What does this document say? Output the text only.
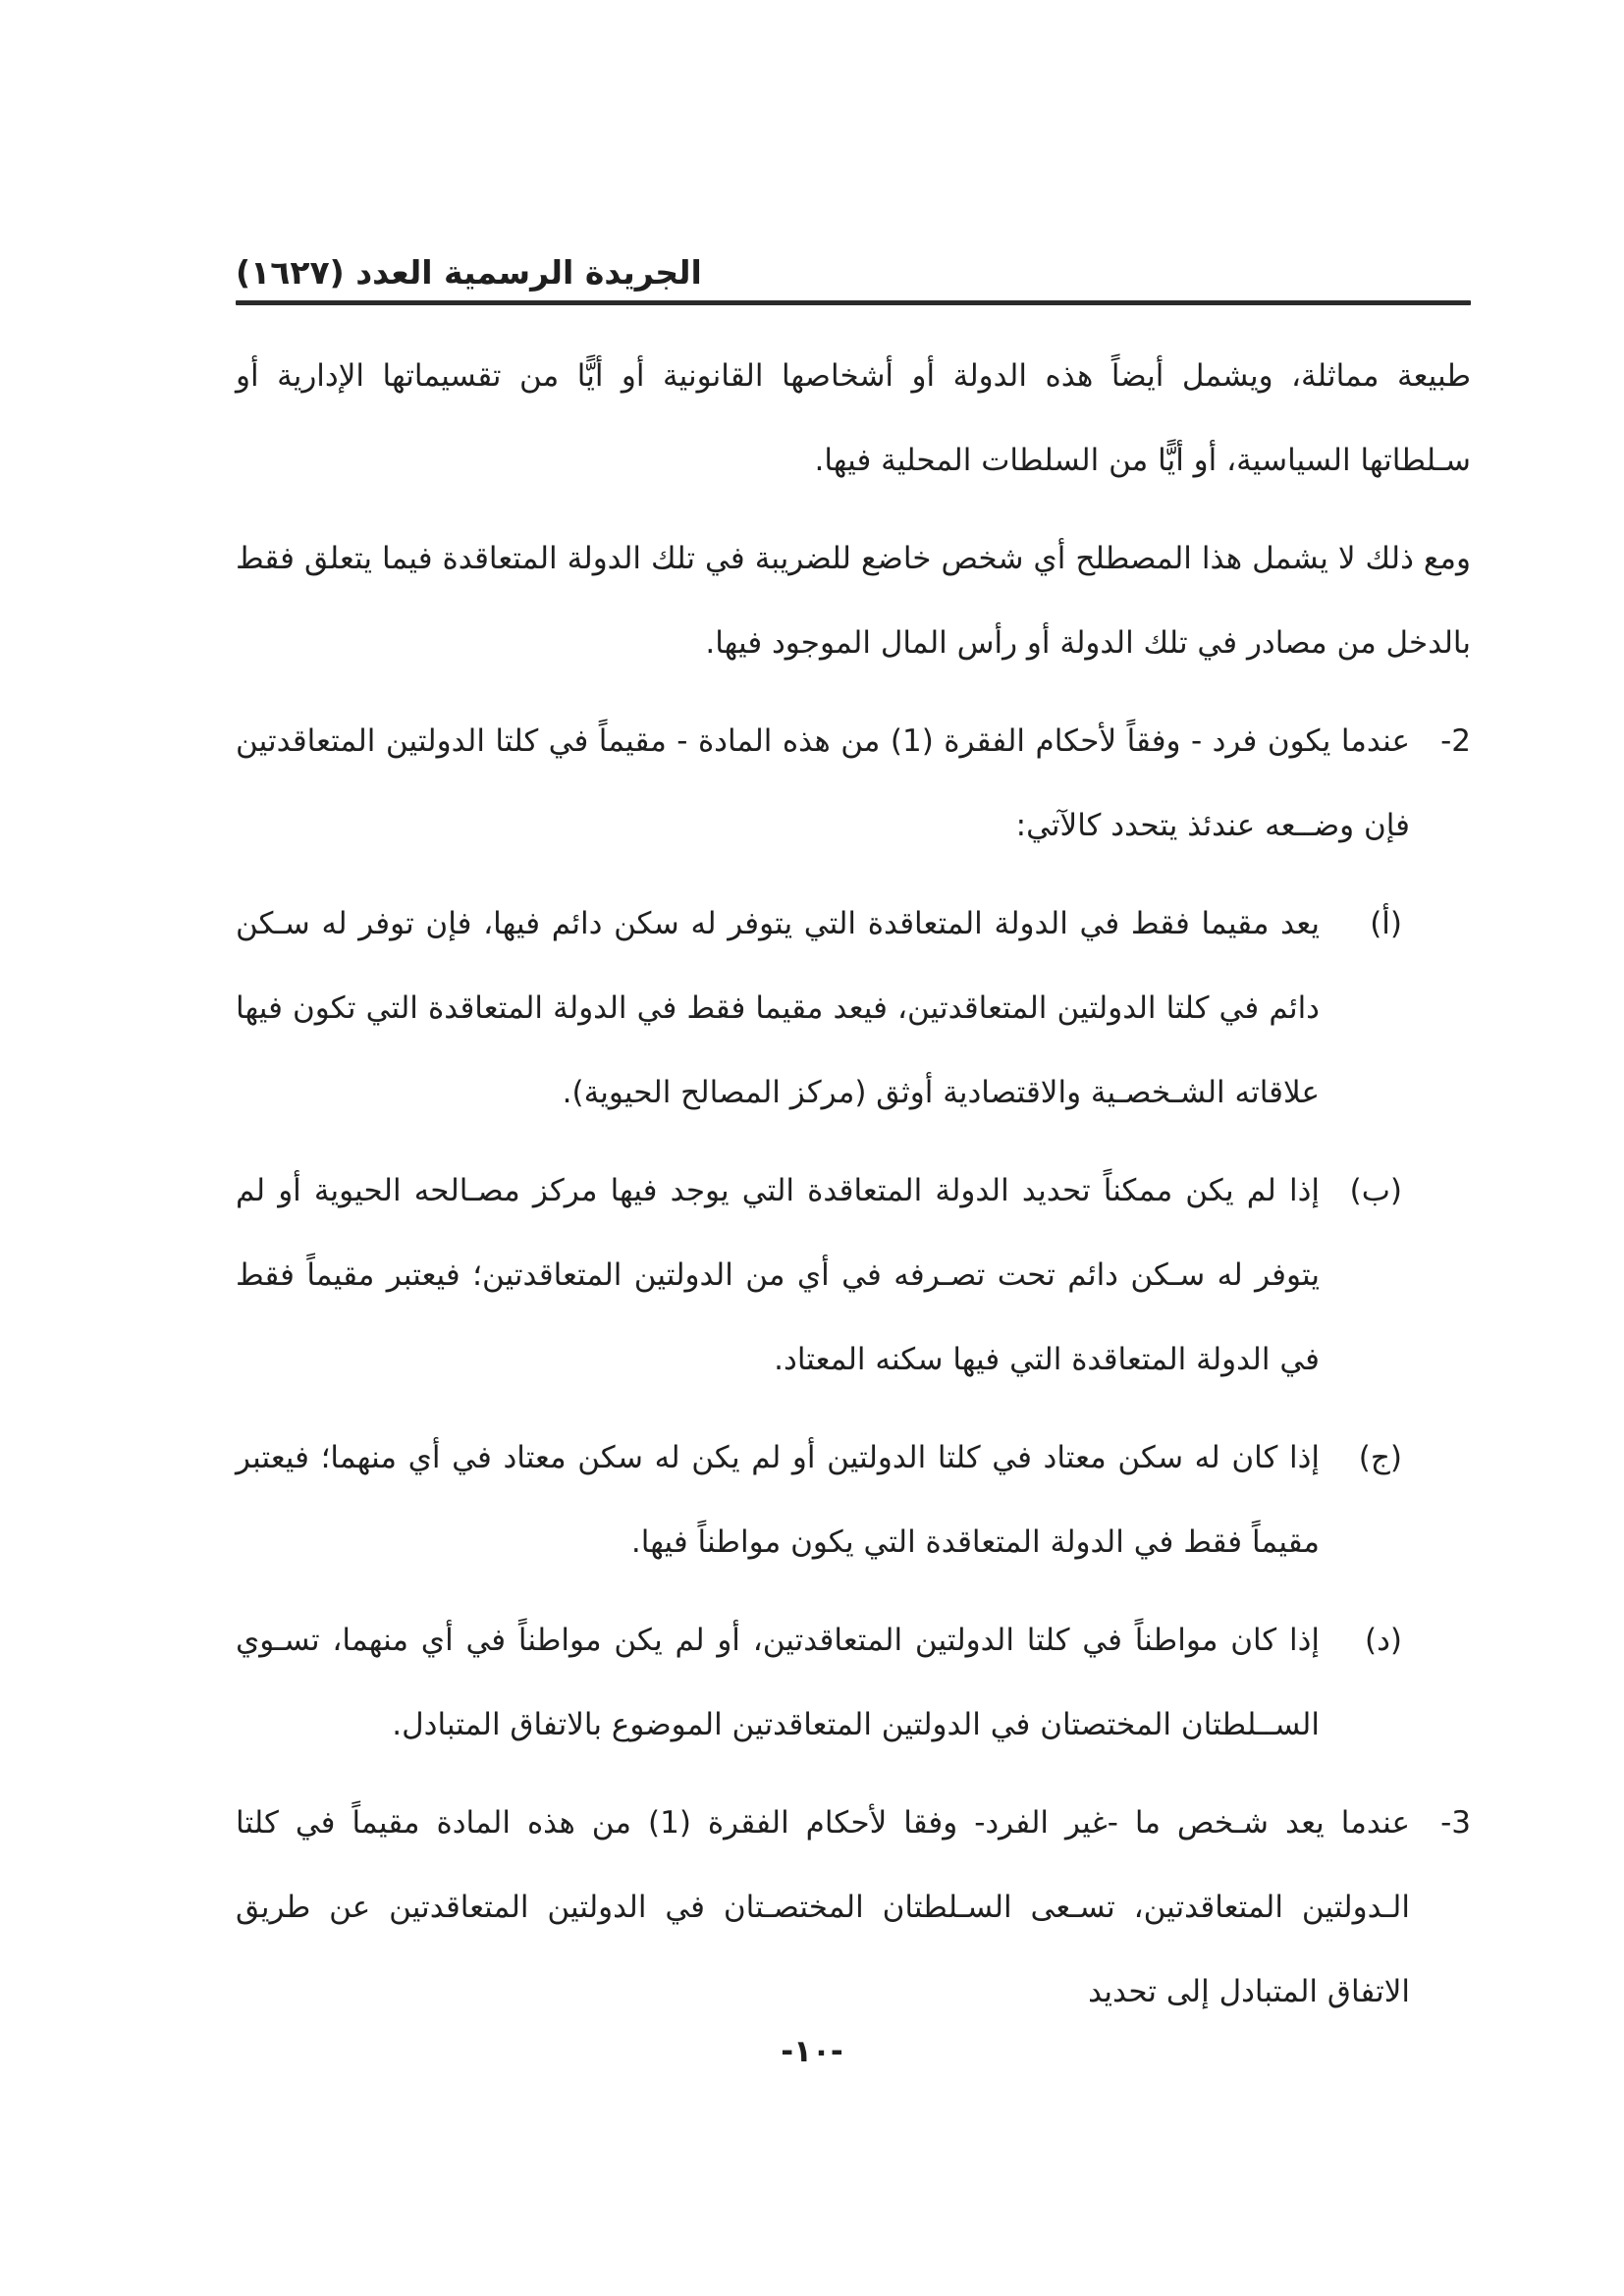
الجريدة الرسمية العدد (١٦٢٧)

طبيعة مماثلة، ويشمل أيضاً هذه الدولة أو أشخاصها القانونية أو أيًّا من تقسيماتها الإدارية أو سـلطاتها السياسية، أو أيًّا من السلطات المحلية فيها.

ومع ذلك لا يشمل هذا المصطلح أي شخص خاضع للضريبة في تلك الدولة المتعاقدة فيما يتعلق فقط بالدخل من مصادر في تلك الدولة أو رأس المال الموجود فيها.

2-
عندما يكون فرد - وفقاً لأحكام الفقرة (1) من هذه المادة - مقيماً في كلتا الدولتين المتعاقدتين فإن وضــعه عندئذ يتحدد كالآتي:
(أ)
يعد مقيما فقط في الدولة المتعاقدة التي يتوفر له سكن دائم فيها، فإن توفر له سـكن دائم في كلتا الدولتين المتعاقدتين، فيعد مقيما فقط في الدولة المتعاقدة التي تكون فيها علاقاته الشـخصـية والاقتصادية أوثق (مركز المصالح الحيوية).
(ب)
إذا لم يكن ممكناً تحديد الدولة المتعاقدة التي يوجد فيها مركز مصـالحه الحيوية أو لم يتوفر له سـكن دائم تحت تصـرفه في أي من الدولتين المتعاقدتين؛ فيعتبر مقيماً فقط في الدولة المتعاقدة التي فيها سكنه المعتاد.
(ج)
إذا كان له سكن معتاد في كلتا الدولتين أو لم يكن له سكن معتاد في أي منهما؛ فيعتبر مقيماً فقط في الدولة المتعاقدة التي يكون مواطناً فيها.
(د)
إذا كان مواطناً في كلتا الدولتين المتعاقدتين، أو لم يكن مواطناً في أي منهما، تسـوي الســلطتان المختصتان في الدولتين المتعاقدتين الموضوع بالاتفاق المتبادل.
3-
عندما يعد شـخص ما -غير الفرد- وفقا لأحكام الفقرة (1) من هذه المادة مقيماً في كلتا الـدولتين المتعاقدتين، تسـعى السـلطتان المختصـتان في الدولتين المتعاقدتين عن طريق الاتفاق المتبادل إلى تحديد
-١٠-
